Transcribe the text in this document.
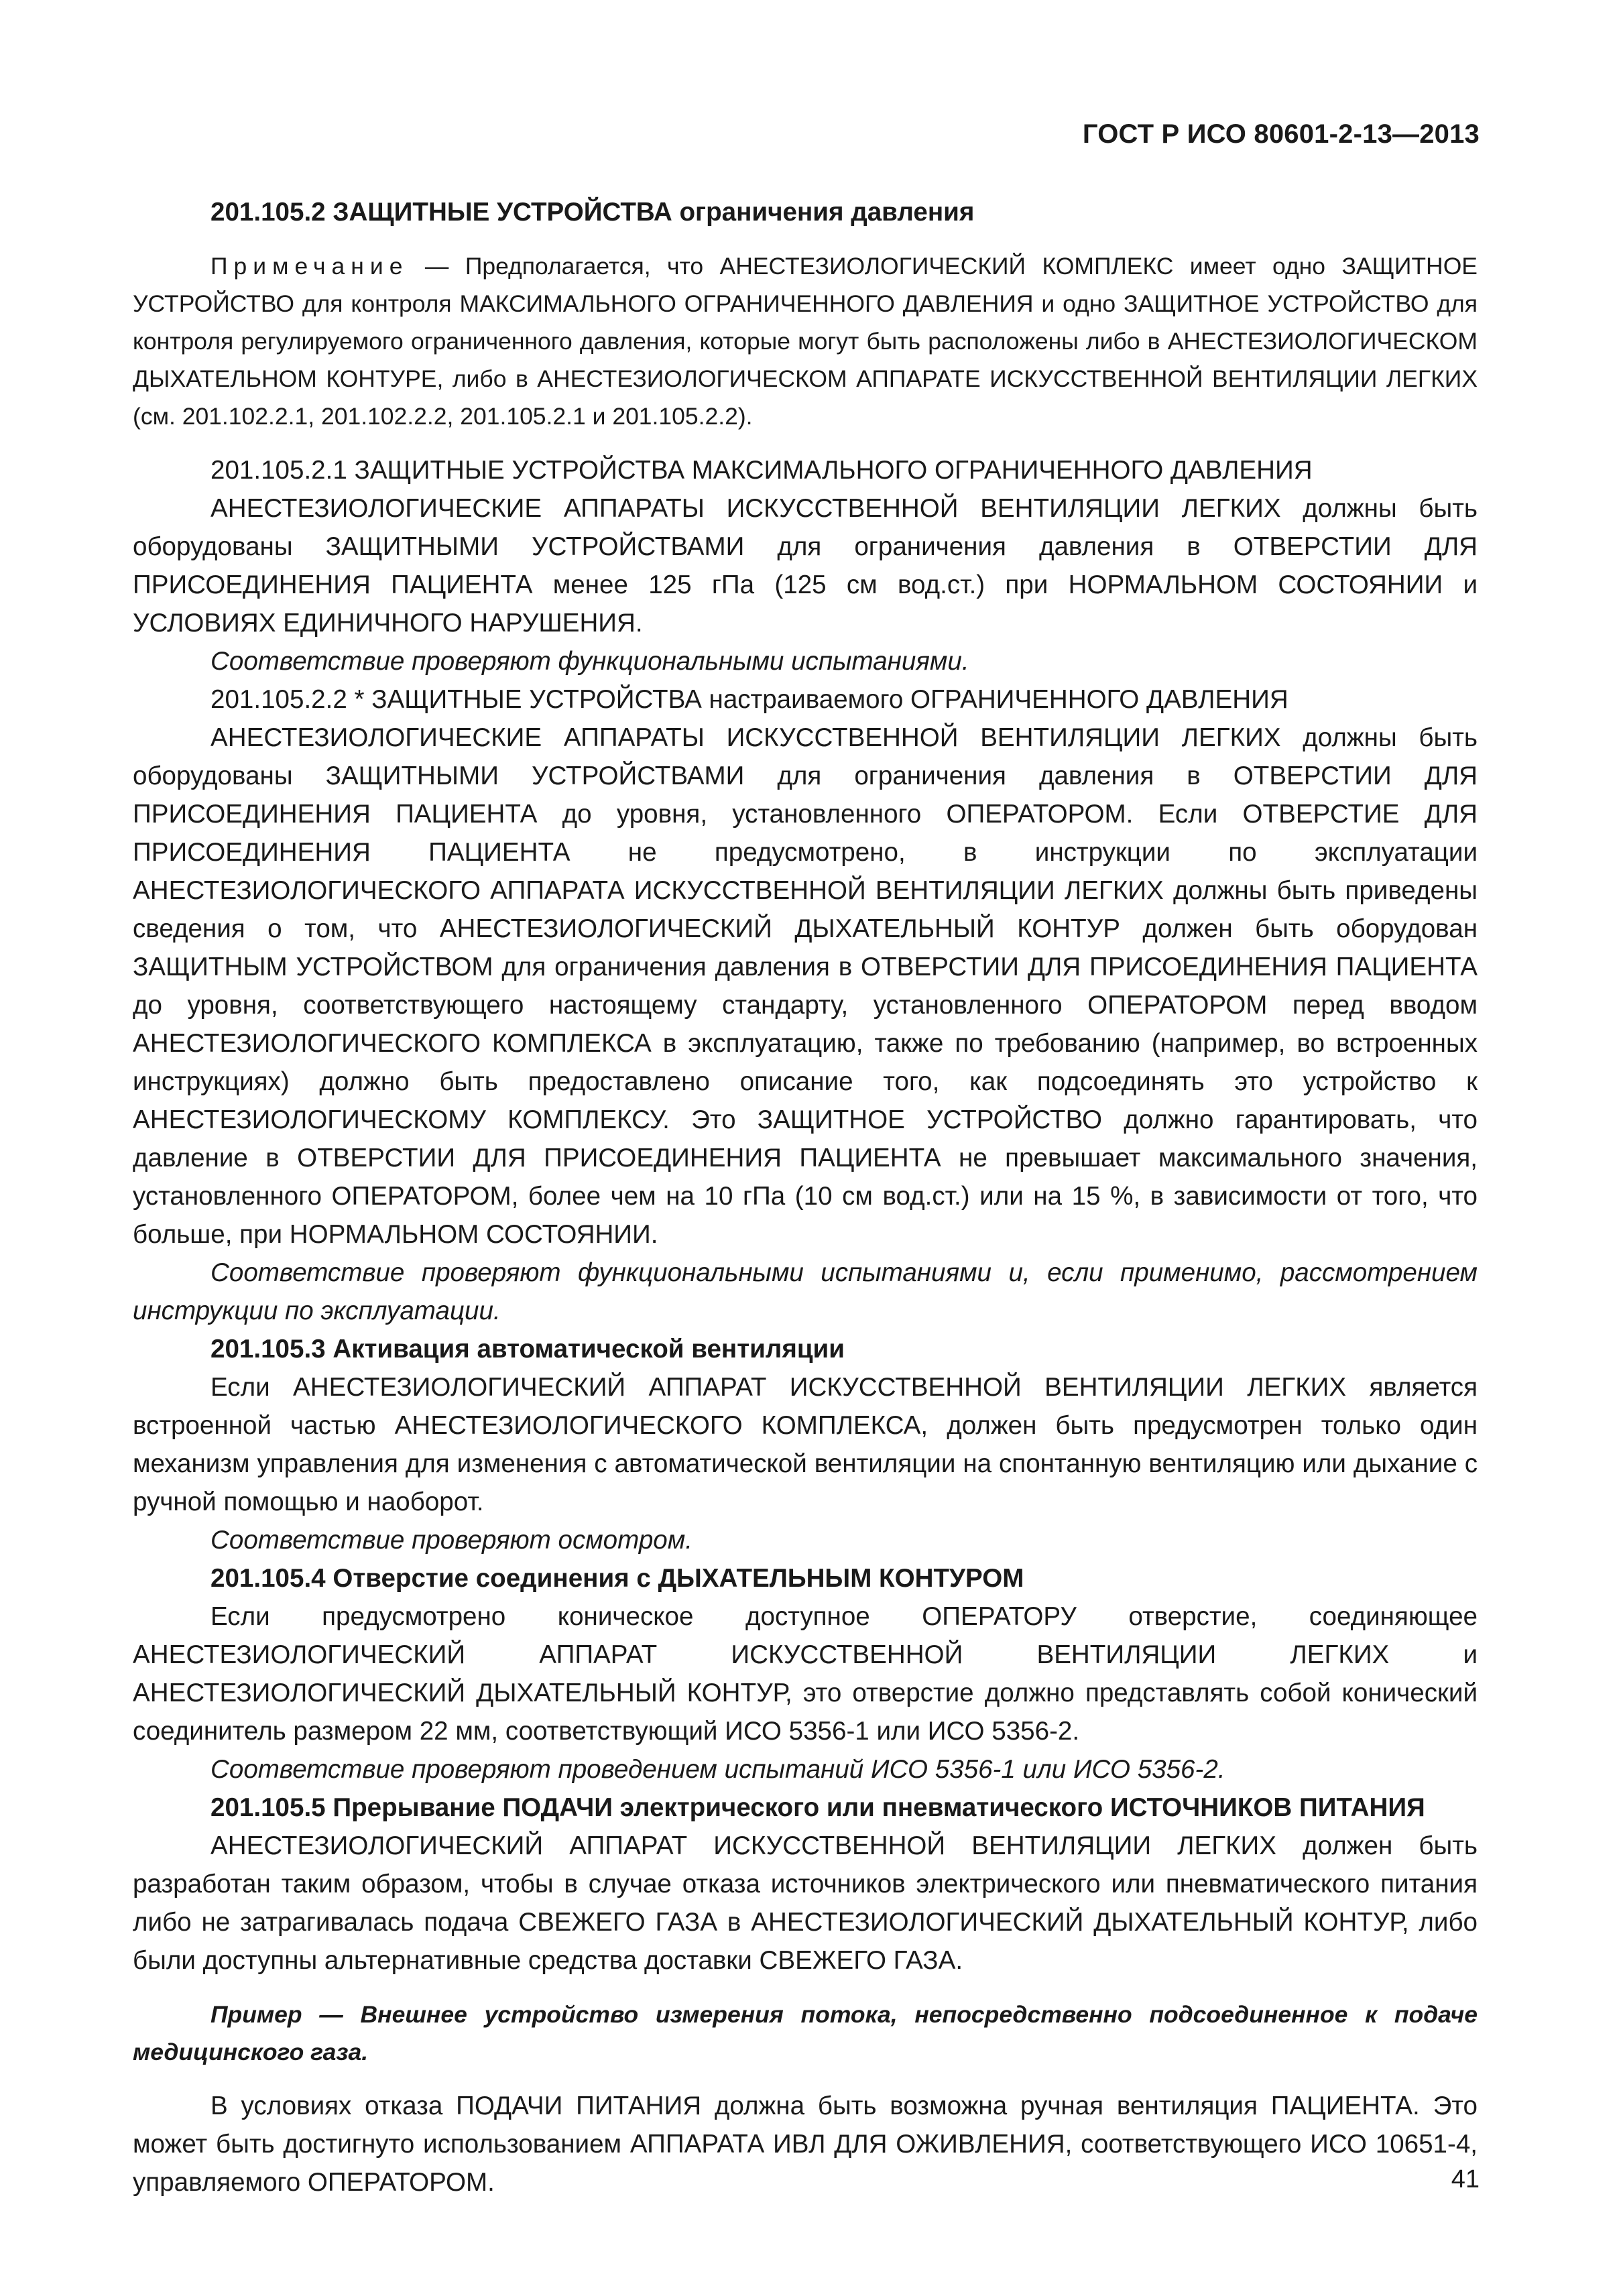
ГОСТ Р ИСО 80601-2-13—2013

201.105.2 ЗАЩИТНЫЕ УСТРОЙСТВА ограничения давления

Примечание — Предполагается, что АНЕСТЕЗИОЛОГИЧЕСКИЙ КОМПЛЕКС имеет одно ЗАЩИТНОЕ УСТРОЙСТВО для контроля МАКСИМАЛЬНОГО ОГРАНИЧЕННОГО ДАВЛЕНИЯ и одно ЗАЩИТНОЕ УСТРОЙСТВО для контроля регулируемого ограниченного давления, которые могут быть расположены либо в АНЕСТЕЗИОЛОГИЧЕСКОМ ДЫХАТЕЛЬНОМ КОНТУРЕ, либо в АНЕСТЕЗИОЛОГИЧЕСКОМ АППАРАТЕ ИСКУССТВЕННОЙ ВЕНТИЛЯЦИИ ЛЕГКИХ (см. 201.102.2.1, 201.102.2.2, 201.105.2.1 и 201.105.2.2).

201.105.2.1 ЗАЩИТНЫЕ УСТРОЙСТВА МАКСИМАЛЬНОГО ОГРАНИЧЕННОГО ДАВЛЕНИЯ

АНЕСТЕЗИОЛОГИЧЕСКИЕ АППАРАТЫ ИСКУССТВЕННОЙ ВЕНТИЛЯЦИИ ЛЕГКИХ должны быть оборудованы ЗАЩИТНЫМИ УСТРОЙСТВАМИ для ограничения давления в ОТВЕРСТИИ ДЛЯ ПРИСОЕДИНЕНИЯ ПАЦИЕНТА менее 125 гПа (125 см вод.ст.) при НОРМАЛЬНОМ СОСТОЯНИИ и УСЛОВИЯХ ЕДИНИЧНОГО НАРУШЕНИЯ.

Соответствие проверяют функциональными испытаниями.

201.105.2.2 * ЗАЩИТНЫЕ УСТРОЙСТВА настраиваемого ОГРАНИЧЕННОГО ДАВЛЕНИЯ

АНЕСТЕЗИОЛОГИЧЕСКИЕ АППАРАТЫ ИСКУССТВЕННОЙ ВЕНТИЛЯЦИИ ЛЕГКИХ должны быть оборудованы ЗАЩИТНЫМИ УСТРОЙСТВАМИ для ограничения давления в ОТВЕРСТИИ ДЛЯ ПРИСОЕДИНЕНИЯ ПАЦИЕНТА до уровня, установленного ОПЕРАТОРОМ. Если ОТВЕРСТИЕ ДЛЯ ПРИСОЕДИНЕНИЯ ПАЦИЕНТА не предусмотрено, в инструкции по эксплуатации АНЕСТЕЗИОЛОГИЧЕСКОГО АППАРАТА ИСКУССТВЕННОЙ ВЕНТИЛЯЦИИ ЛЕГКИХ должны быть приведены сведения о том, что АНЕСТЕЗИОЛОГИЧЕСКИЙ ДЫХАТЕЛЬНЫЙ КОНТУР должен быть оборудован ЗАЩИТНЫМ УСТРОЙСТВОМ для ограничения давления в ОТВЕРСТИИ ДЛЯ ПРИСОЕДИНЕНИЯ ПАЦИЕНТА до уровня, соответствующего настоящему стандарту, установленного ОПЕРАТОРОМ перед вводом АНЕСТЕЗИОЛОГИЧЕСКОГО КОМПЛЕКСА в эксплуатацию, также по требованию (например, во встроенных инструкциях) должно быть предоставлено описание того, как подсоединять это устройство к АНЕСТЕЗИОЛОГИЧЕСКОМУ КОМПЛЕКСУ. Это ЗАЩИТНОЕ УСТРОЙСТВО должно гарантировать, что давление в ОТВЕРСТИИ ДЛЯ ПРИСОЕДИНЕНИЯ ПАЦИЕНТА не превышает максимального значения, установленного ОПЕРАТОРОМ, более чем на 10 гПа (10 см вод.ст.) или на 15 %, в зависимости от того, что больше, при НОРМАЛЬНОМ СОСТОЯНИИ.

Соответствие проверяют функциональными испытаниями и, если применимо, рассмотрением инструкции по эксплуатации.

201.105.3 Активация автоматической вентиляции

Если АНЕСТЕЗИОЛОГИЧЕСКИЙ АППАРАТ ИСКУССТВЕННОЙ ВЕНТИЛЯЦИИ ЛЕГКИХ является встроенной частью АНЕСТЕЗИОЛОГИЧЕСКОГО КОМПЛЕКСА, должен быть предусмотрен только один механизм управления для изменения с автоматической вентиляции на спонтанную вентиляцию или дыхание с ручной помощью и наоборот.

Соответствие проверяют осмотром.

201.105.4 Отверстие соединения с ДЫХАТЕЛЬНЫМ КОНТУРОМ

Если предусмотрено коническое доступное ОПЕРАТОРУ отверстие, соединяющее АНЕСТЕЗИОЛОГИЧЕСКИЙ АППАРАТ ИСКУССТВЕННОЙ ВЕНТИЛЯЦИИ ЛЕГКИХ и АНЕСТЕЗИОЛОГИЧЕСКИЙ ДЫХАТЕЛЬНЫЙ КОНТУР, это отверстие должно представлять собой конический соединитель размером 22 мм, соответствующий ИСО 5356-1 или ИСО 5356-2.

Соответствие проверяют проведением испытаний ИСО 5356-1 или ИСО 5356-2.

201.105.5 Прерывание ПОДАЧИ электрического или пневматического ИСТОЧНИКОВ ПИТАНИЯ

АНЕСТЕЗИОЛОГИЧЕСКИЙ АППАРАТ ИСКУССТВЕННОЙ ВЕНТИЛЯЦИИ ЛЕГКИХ должен быть разработан таким образом, чтобы в случае отказа источников электрического или пневматического питания либо не затрагивалась подача СВЕЖЕГО ГАЗА в АНЕСТЕЗИОЛОГИЧЕСКИЙ ДЫХАТЕЛЬНЫЙ КОНТУР, либо были доступны альтернативные средства доставки СВЕЖЕГО ГАЗА.

Пример — Внешнее устройство измерения потока, непосредственно подсоединенное к подаче медицинского газа.

В условиях отказа ПОДАЧИ ПИТАНИЯ должна быть возможна ручная вентиляция ПАЦИЕНТА. Это может быть достигнуто использованием АППАРАТА ИВЛ ДЛЯ ОЖИВЛЕНИЯ, соответствующего ИСО 10651-4, управляемого ОПЕРАТОРОМ.	41
